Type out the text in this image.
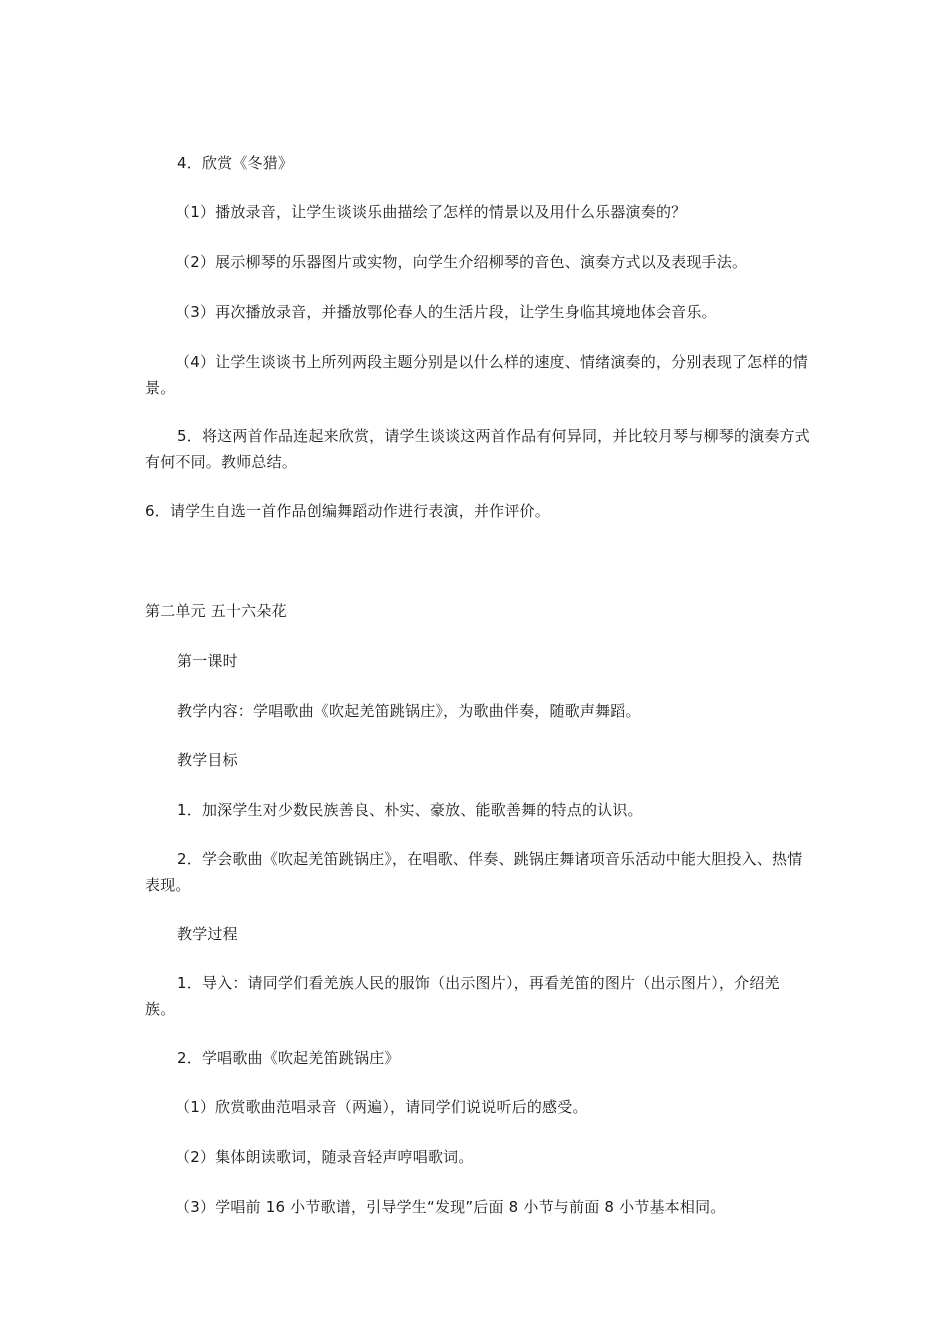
4．欣赏《冬猎》

（1）播放录音，让学生谈谈乐曲描绘了怎样的情景以及用什么乐器演奏的？

（2）展示柳琴的乐器图片或实物，向学生介绍柳琴的音色、演奏方式以及表现手法。

（3）再次播放录音，并播放鄂伦春人的生活片段，让学生身临其境地体会音乐。

（4）让学生谈谈书上所列两段主题分别是以什么样的速度、情绪演奏的，分别表现了怎样的情景。

5．将这两首作品连起来欣赏，请学生谈谈这两首作品有何异同，并比较月琴与柳琴的演奏方式有何不同。教师总结。

6．请学生自选一首作品创编舞蹈动作进行表演，并作评价。

第二单元 五十六朵花

第一课时

教学内容：学唱歌曲《吹起羌笛跳锅庄》，为歌曲伴奏，随歌声舞蹈。

教学目标

1．加深学生对少数民族善良、朴实、豪放、能歌善舞的特点的认识。

2．学会歌曲《吹起羌笛跳锅庄》，在唱歌、伴奏、跳锅庄舞诸项音乐活动中能大胆投入、热情表现。

教学过程

1．导入：请同学们看羌族人民的服饰（出示图片），再看羌笛的图片（出示图片），介绍羌族。

2．学唱歌曲《吹起羌笛跳锅庄》

（1）欣赏歌曲范唱录音（两遍），请同学们说说听后的感受。

（2）集体朗读歌词，随录音轻声哼唱歌词。

（3）学唱前 16 小节歌谱，引导学生“发现”后面 8 小节与前面 8 小节基本相同。
